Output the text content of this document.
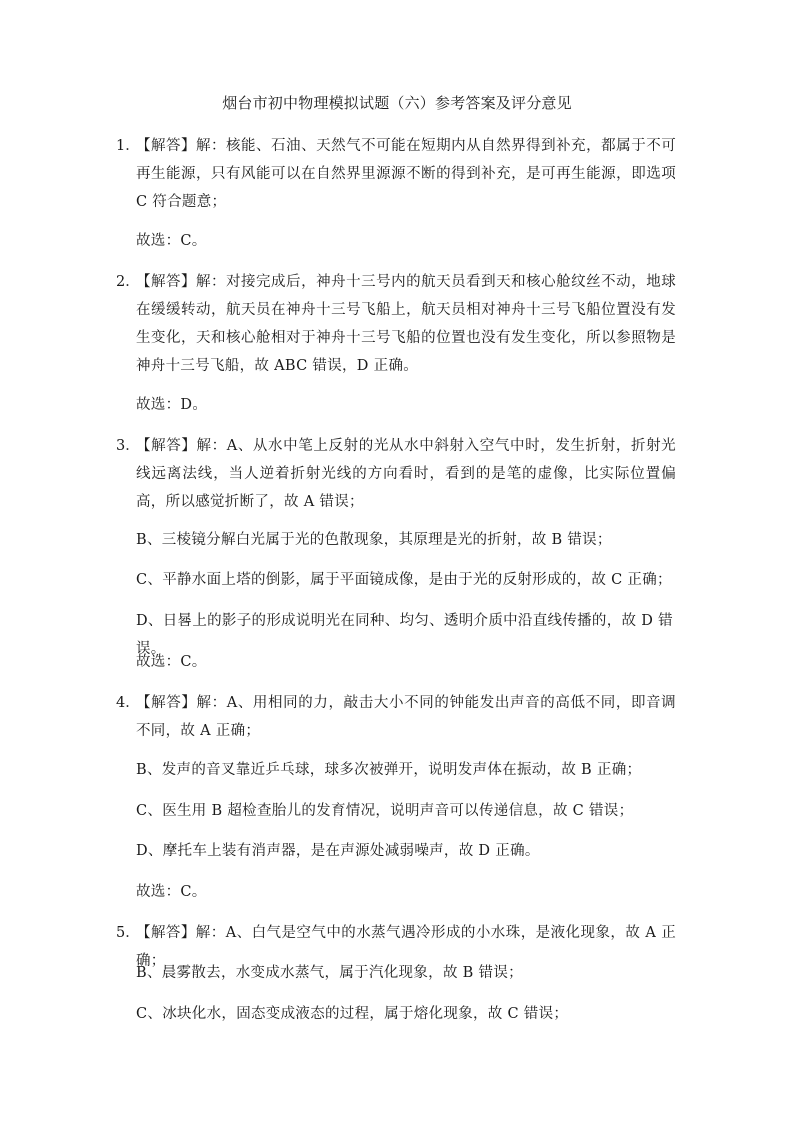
烟台市初中物理模拟试题（六）参考答案及评分意见
1．
【解答】解：核能、石油、天然气不可能在短期内从自然界得到补充，都属于不可再生能源，只有风能可以在自然界里源源不断的得到补充，是可再生能源，即选项 C 符合题意；
故选：C。
2．
【解答】解：对接完成后，神舟十三号内的航天员看到天和核心舱纹丝不动，地球在缓缓转动，航天员在神舟十三号飞船上，航天员相对神舟十三号飞船位置没有发生变化，天和核心舱相对于神舟十三号飞船的位置也没有发生变化，所以参照物是神舟十三号飞船，故 ABC 错误，D 正确。
故选：D。
3．
【解答】解：A、从水中笔上反射的光从水中斜射入空气中时，发生折射，折射光线远离法线，当人逆着折射光线的方向看时，看到的是笔的虚像，比实际位置偏高，所以感觉折断了，故 A 错误；
B、三棱镜分解白光属于光的色散现象，其原理是光的折射，故 B 错误；
C、平静水面上塔的倒影，属于平面镜成像，是由于光的反射形成的，故 C 正确；
D、日晷上的影子的形成说明光在同种、均匀、透明介质中沿直线传播的，故 D 错误。
故选：C。
4．
【解答】解：A、用相同的力，敲击大小不同的钟能发出声音的高低不同，即音调不同，故 A 正确；
B、发声的音叉靠近乒乓球，球多次被弹开，说明发声体在振动，故 B 正确；
C、医生用 B 超检查胎儿的发育情况，说明声音可以传递信息，故 C 错误；
D、摩托车上装有消声器，是在声源处减弱噪声，故 D 正确。
故选：C。
5．
【解答】解：A、白气是空气中的水蒸气遇冷形成的小水珠，是液化现象，故 A 正确；
B、晨雾散去，水变成水蒸气，属于汽化现象，故 B 错误；
C、冰块化水，固态变成液态的过程，属于熔化现象，故 C 错误；
